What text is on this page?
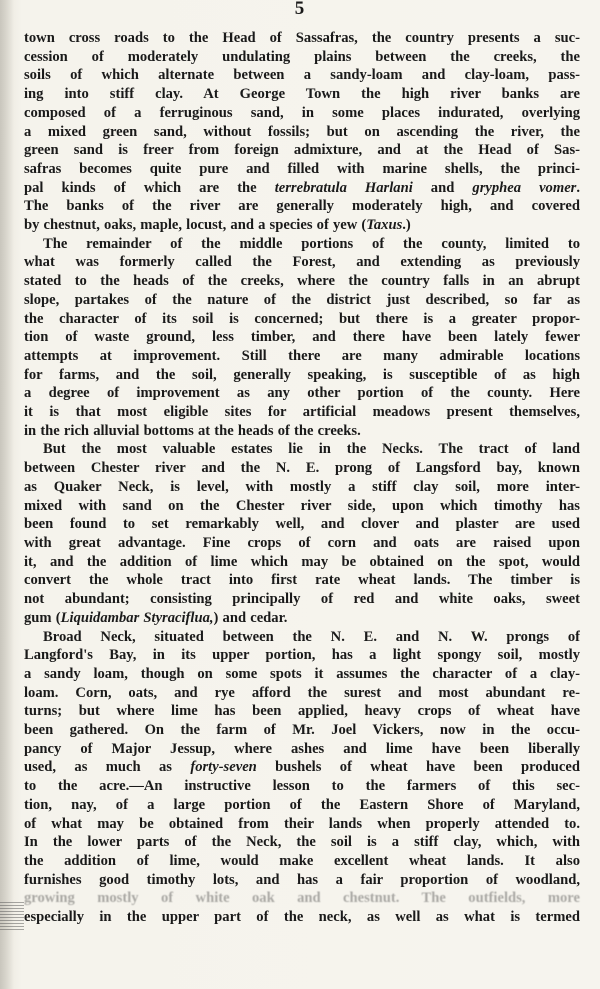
5
town cross roads to the Head of Sassafras, the country presents a suc-
cession of moderately undulating plains between the creeks, the
soils of which alternate between a sandy-loam and clay-loam, pass-
ing into stiff clay. At George Town the high river banks are
composed of a ferruginous sand, in some places indurated, overlying
a mixed green sand, without fossils; but on ascending the river, the
green sand is freer from foreign admixture, and at the Head of Sas-
safras becomes quite pure and filled with marine shells, the princi-
pal kinds of which are the terrebratula Harlani and gryphea vomer.
The banks of the river are generally moderately high, and covered
by chestnut, oaks, maple, locust, and a species of yew (Taxus.)
The remainder of the middle portions of the county, limited to
what was formerly called the Forest, and extending as previously
stated to the heads of the creeks, where the country falls in an abrupt
slope, partakes of the nature of the district just described, so far as
the character of its soil is concerned; but there is a greater propor-
tion of waste ground, less timber, and there have been lately fewer
attempts at improvement. Still there are many admirable locations
for farms, and the soil, generally speaking, is susceptible of as high
a degree of improvement as any other portion of the county. Here
it is that most eligible sites for artificial meadows present themselves,
in the rich alluvial bottoms at the heads of the creeks.
But the most valuable estates lie in the Necks. The tract of land
between Chester river and the N. E. prong of Langsford bay, known
as Quaker Neck, is level, with mostly a stiff clay soil, more inter-
mixed with sand on the Chester river side, upon which timothy has
been found to set remarkably well, and clover and plaster are used
with great advantage. Fine crops of corn and oats are raised upon
it, and the addition of lime which may be obtained on the spot, would
convert the whole tract into first rate wheat lands. The timber is
not abundant; consisting principally of red and white oaks, sweet
gum (Liquidambar Styraciflua,) and cedar.
Broad Neck, situated between the N. E. and N. W. prongs of
Langford's Bay, in its upper portion, has a light spongy soil, mostly
a sandy loam, though on some spots it assumes the character of a clay-
loam. Corn, oats, and rye afford the surest and most abundant re-
turns; but where lime has been applied, heavy crops of wheat have
been gathered. On the farm of Mr. Joel Vickers, now in the occu-
pancy of Major Jessup, where ashes and lime have been liberally
used, as much as forty-seven bushels of wheat have been produced
to the acre.—An instructive lesson to the farmers of this sec-
tion, nay, of a large portion of the Eastern Shore of Maryland,
of what may be obtained from their lands when properly attended to.
In the lower parts of the Neck, the soil is a stiff clay, which, with
the addition of lime, would make excellent wheat lands. It also
furnishes good timothy lots, and has a fair proportion of woodland,
growing mostly of white oak and chestnut. The outfields, more
especially in the upper part of the neck, as well as what is termed
